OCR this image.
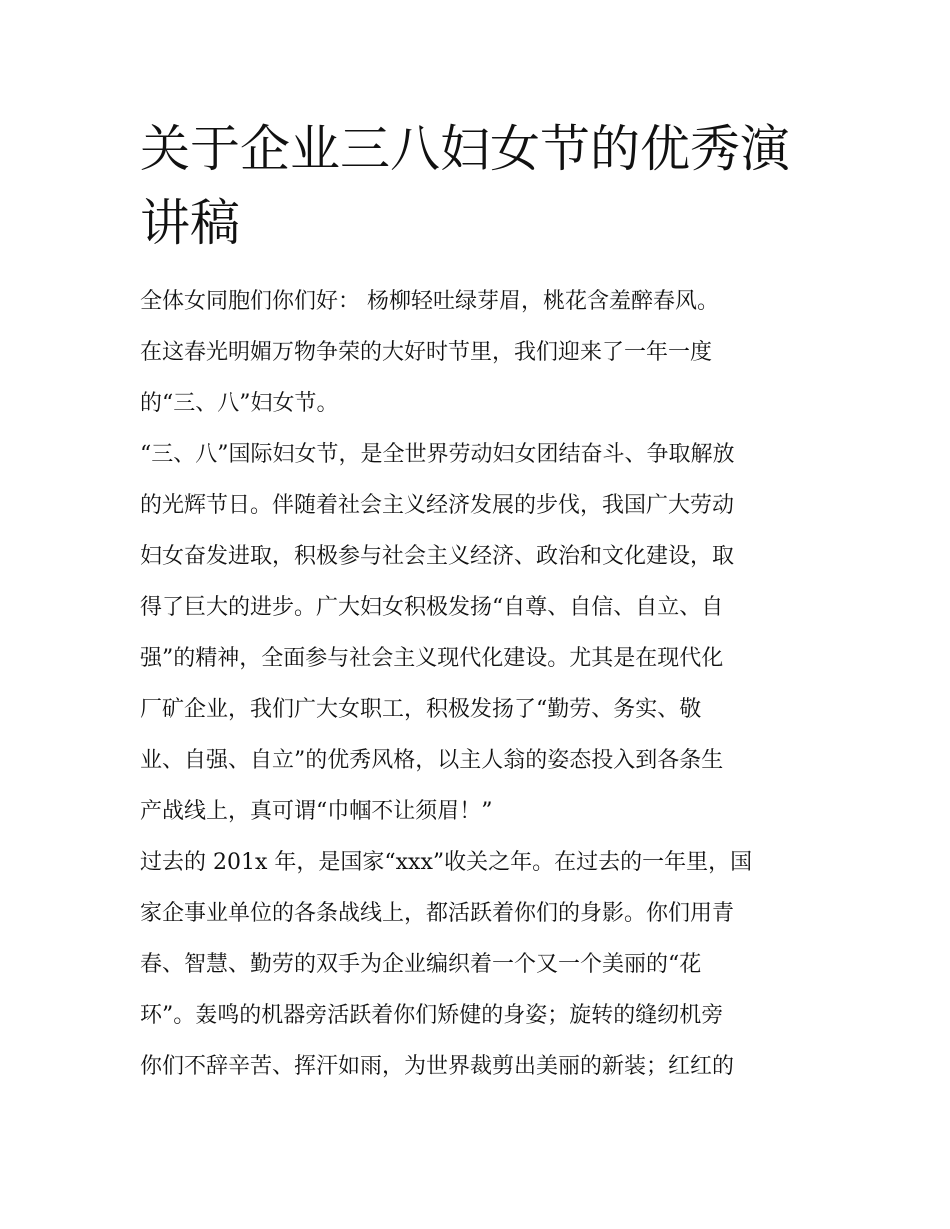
关于企业三八妇女节的优秀演
讲稿
全体女同胞们你们好： 杨柳轻吐绿芽眉，桃花含羞醉春风。
在这春光明媚万物争荣的大好时节里，我们迎来了一年一度
的“三、八”妇女节。
“三、八”国际妇女节，是全世界劳动妇女团结奋斗、争取解放
的光辉节日。伴随着社会主义经济发展的步伐，我国广大劳动
妇女奋发进取，积极参与社会主义经济、政治和文化建设，取
得了巨大的进步。广大妇女积极发扬“自尊、自信、自立、自
强”的精神，全面参与社会主义现代化建设。尤其是在现代化
厂矿企业，我们广大女职工，积极发扬了“勤劳、务实、敬
业、自强、自立”的优秀风格，以主人翁的姿态投入到各条生
产战线上，真可谓“巾帼不让须眉！”
过去的 201x 年，是国家“xxx”收关之年。在过去的一年里，国
家企事业单位的各条战线上，都活跃着你们的身影。你们用青
春、智慧、勤劳的双手为企业编织着一个又一个美丽的“花
环”。轰鸣的机器旁活跃着你们矫健的身姿；旋转的缝纫机旁
你们不辞辛苦、挥汗如雨，为世界裁剪出美丽的新装；红红的
